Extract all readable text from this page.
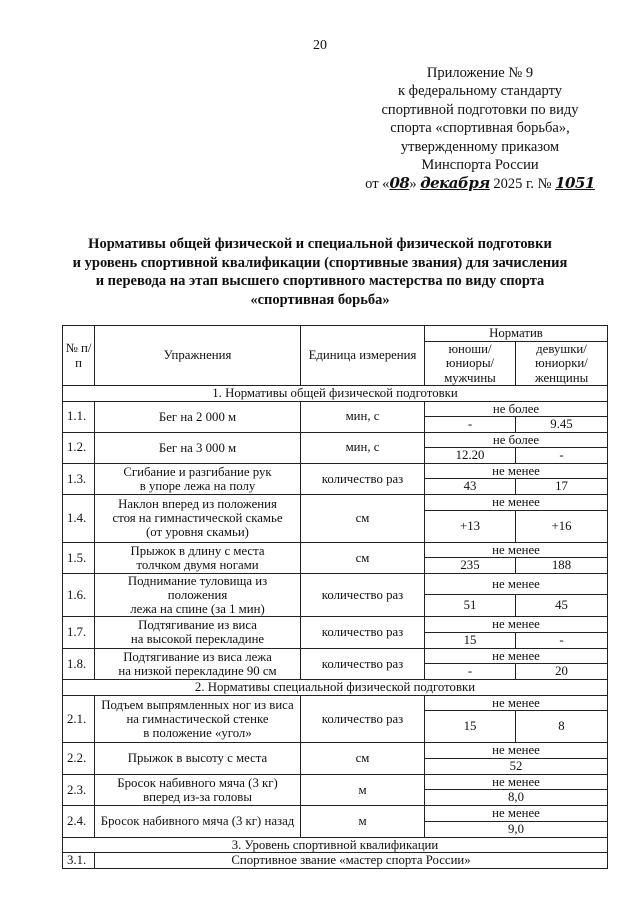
20
Приложение № 9
к федеральному стандарту
спортивной подготовки по виду
спорта «спортивная борьба»,
утвержденному приказом
Минспорта России
от «08» декабря 2025 г. № 1051
Нормативы общей физической и специальной физической подготовки
и уровень спортивной квалификации (спортивные звания) для зачисления
и перевода на этап высшего спортивного мастерства по виду спорта
«спортивная борьба»
№ п/п	Упражнения	Единица измерения	Норматив	
			юноши/ юниоры/ мужчины	девушки/ юниорки/ женщины
1. Нормативы общей физической подготовки				
1.1.	Бег на 2 000 м	мин, с	не более	
			-	9.45
1.2.	Бег на 3 000 м	мин, с	не более	
			12.20	-
1.3.	Сгибание и разгибание рук
в упоре лежа на полу	количество раз	не менее	
			43	17
1.4.	Наклон вперед из положения
стоя на гимнастической скамье
(от уровня скамьи)	см	не менее	
			+13	+16
1.5.	Прыжок в длину с места
толчком двумя ногами	см	не менее	
			235	188
1.6.	Поднимание туловища из положения
лежа на спине (за 1 мин)	количество раз	не менее	
			51	45
1.7.	Подтягивание из виса
на высокой перекладине	количество раз	не менее	
			15	-
1.8.	Подтягивание из виса лежа
на низкой перекладине 90 см	количество раз	не менее	
			-	20
2. Нормативы специальной физической подготовки				
2.1.	Подъем выпрямленных ног из виса
на гимнастической стенке
в положение «угол»	количество раз	не менее	
			15	8
2.2.	Прыжок в высоту с места	см	не менее	
			52	
2.3.	Бросок набивного мяча (3 кг)
вперед из-за головы	м	не менее	
			8,0	
2.4.	Бросок набивного мяча (3 кг) назад	м	не менее	
			9,0	
3. Уровень спортивной квалификации				
3.1.	Спортивное звание «мастер спорта России»			
